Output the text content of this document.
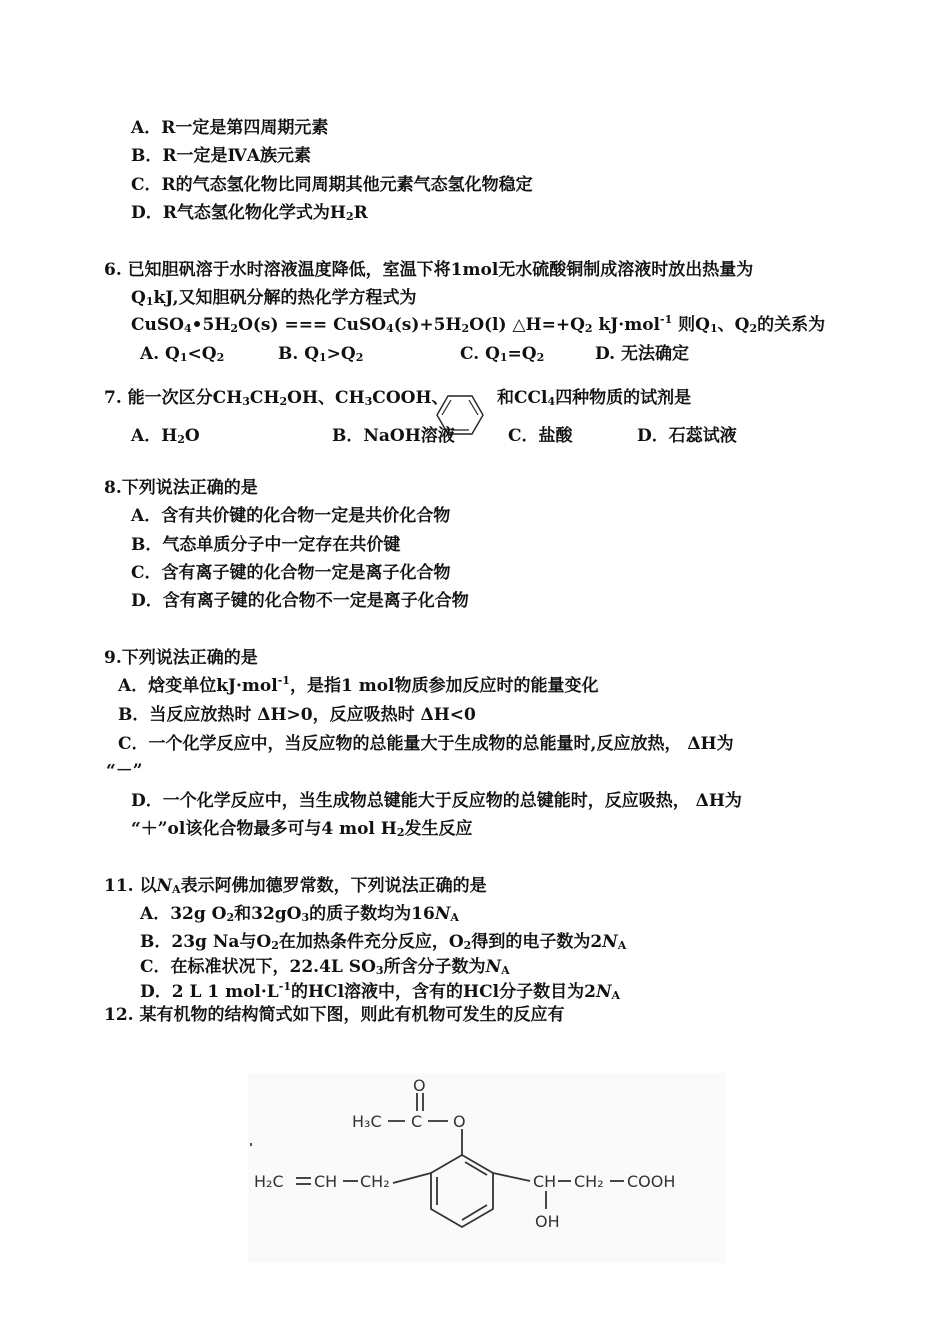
A．R一定是第四周期元素
B．R一定是ⅣA族元素
C．R的气态氢化物比同周期其他元素气态氢化物稳定
D．R气态氢化物化学式为$H_2R$
6. 已知胆矾溶于水时溶液温度降低，室温下将1mol无水硫酸铜制成溶液时放出热量为
$Q_1kJ$,又知胆矾分解的热化学方程式为
$CuSO_4•5H_2O(s)$ === $CuSO_4(s)+5H_2O(l)$ $\triangle H=+Q_2$ kJ·mol$^{-1}$ 则$Q_1$、$Q_2$的关系为
A. $Q_1<Q_2$	B. $Q_1>Q_2$	C. $Q_1=Q_2$	D. 无法确定
7. 能一次区分$CH_3CH_2OH$、$CH_3COOH$、	和CCl$_4$四种物质的试剂是
A．$H_2O$	B．NaOH溶液	C．盐酸	D．石蕊试液
8.下列说法正确的是
A．含有共价键的化合物一定是共价化合物
B．气态单质分子中一定存在共价键
C．含有离子键的化合物一定是离子化合物
D．含有离子键的化合物不一定是离子化合物
9.下列说法正确的是
A．焓变单位kJ·mol$^{-1}$，是指1 mol物质参加反应时的能量变化
B．当反应放热时 ΔH>0，反应吸热时 ΔH<0
C．一个化学反应中，当反应物的总能量大于生成物的总能量时,反应放热， ΔH为
“－”
D．一个化学反应中，当生成物总键能大于反应物的总键能时，反应吸热， ΔH为
“＋”ol该化合物最多可与4 mol $H_2$发生反应
11. 以$N_A$表示阿佛加德罗常数，下列说法正确的是
A．32g $O_2$和$32gO_3$的质子数均为$16N_A$
B．23g Na与$O_2$在加热条件充分反应，$O_2$得到的电子数为$2N_A$
C．在标准状况下，22.4L $SO_3$所含分子数为$N_A$
D．2 L 1 $mol\cdot L^{-1}$的HCl溶液中，含有的HCl分子数目为$2N_A$
12. 某有机物的结构简式如下图，则此有机物可发生的反应有
O
H₃C C O
H₂C CH CH₂	CH CH₂ COOH
OH
